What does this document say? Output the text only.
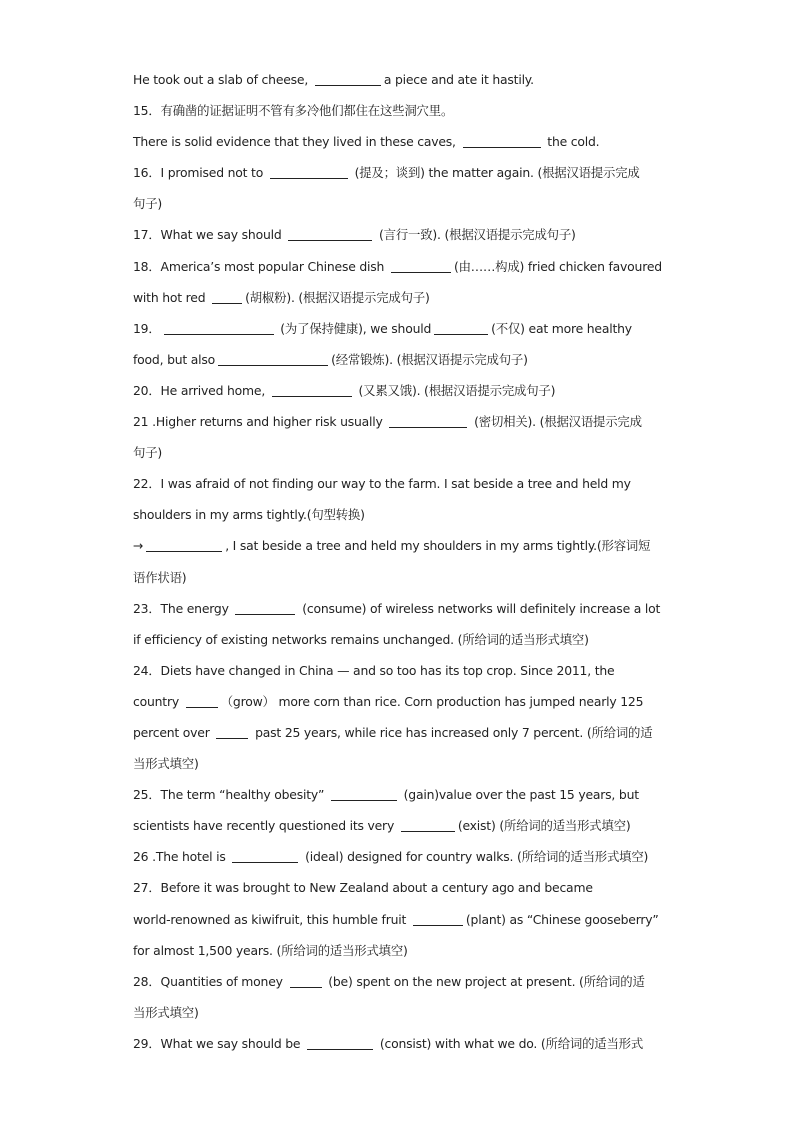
He took out a slab of cheese,	a piece and ate it hastily.
15．有确凿的证据证明不管有多冷他们都住在这些洞穴里。
There is solid evidence that they lived in these caves,	the cold.
16．I promised not to	(提及；谈到) the matter again. (根据汉语提示完成
句子)
17．What we say should	(言行一致). (根据汉语提示完成句子)
18．America’s most popular Chinese dish	(由……构成) fried chicken favoured
with hot red	(胡椒粉). (根据汉语提示完成句子)
19．	(为了保持健康), we should	(不仅) eat more healthy
food, but also	(经常锻炼). (根据汉语提示完成句子)
20．He arrived home,	(又累又饿). (根据汉语提示完成句子)
21 .Higher returns and higher risk usually	(密切相关). (根据汉语提示完成
句子)
22．I was afraid of not finding our way to the farm. I sat beside a tree and held my
shoulders in my arms tightly.(句型转换)
→	, I sat beside a tree and held my shoulders in my arms tightly.(形容词短
语作状语)
23．The energy	(consume) of wireless networks will definitely increase a lot
if efficiency of existing networks remains unchanged. (所给词的适当形式填空)
24．Diets have changed in China — and so too has its top crop. Since 2011, the
country	（grow） more corn than rice. Corn production has jumped nearly 125
percent over	past 25 years, while rice has increased only 7 percent. (所给词的适
当形式填空)
25．The term “healthy obesity”	(gain)value over the past 15 years, but
scientists have recently questioned its very	(exist) (所给词的适当形式填空)
26 .The hotel is	(ideal) designed for country walks. (所给词的适当形式填空)
27．Before it was brought to New Zealand about a century ago and became
world-renowned as kiwifruit, this humble fruit	(plant) as “Chinese gooseberry”
for almost 1,500 years. (所给词的适当形式填空)
28．Quantities of money	(be) spent on the new project at present. (所给词的适
当形式填空)
29．What we say should be	(consist) with what we do. (所给词的适当形式
